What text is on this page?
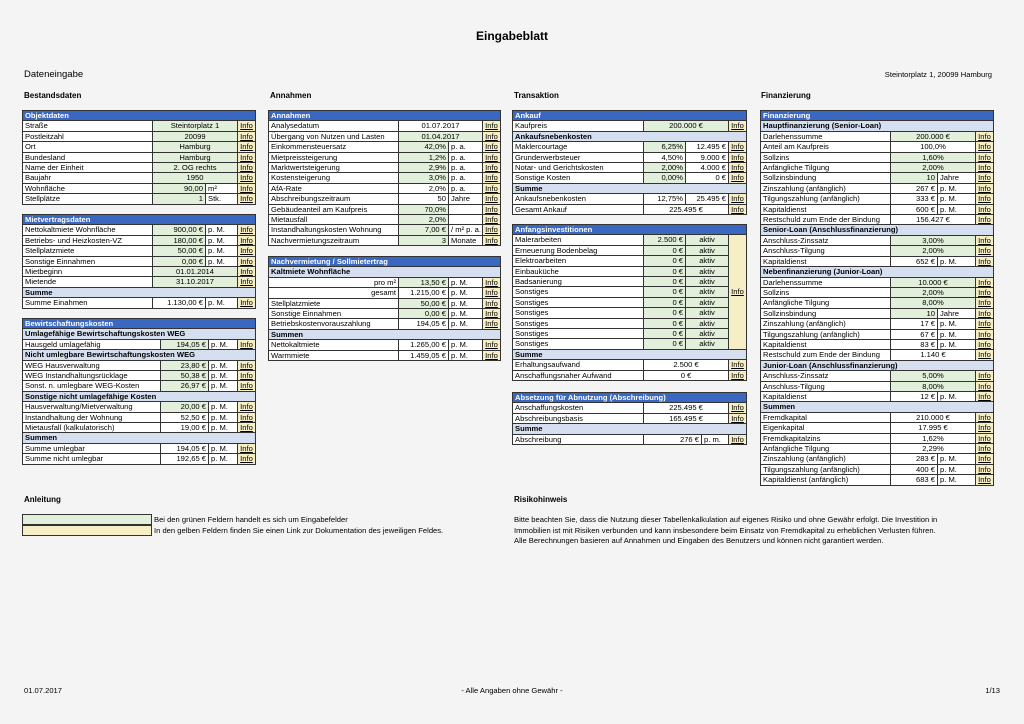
Eingabeblatt
Dateneingabe	Steintorplatz 1, 20099 Hamburg
Bestandsdaten	Annahmen	Transaktion	Finanzierung
Objektdaten			
Straße	Steintorplatz 1		Info
Postleitzahl	20099		Info
Ort	Hamburg		Info
Bundesland	Hamburg		Info
Name der Einheit	2. OG rechts		Info
Baujahr	1950		Info
Wohnfläche	90,00	m²	Info
Stellplätze	1	Stk.	Info
Mietvertragsdaten			
Nettokaltmiete Wohnfläche	900,00 €	p. M.	Info
Betriebs- und Heizkosten-VZ	180,00 €	p. M.	Info
Stellplatzmiete	50,00 €	p. M.	Info
Sonstige Einnahmen	0,00 €	p. M.	Info
Mietbeginn	01.01.2014		Info
Mietende	31.10.2017		Info
Summe			
Summe Einahmen	1.130,00 €	p. M.	Info
Bewirtschaftungskosten			
Umlagefähige Bewirtschaftungskosten WEG			
Hausgeld umlagefähig	194,05 €	p. M.	Info
Nicht umlegbare Bewirtschaftungskosten WEG			
WEG Hausverwaltung	23,80 €	p. M.	Info
WEG Instandhaltungsrücklage	50,38 €	p. M.	Info
Sonst. n. umlegbare WEG-Kosten	26,97 €	p. M.	Info
Sonstige nicht umlagefähige Kosten			
Hausverwaltung/Mietverwaltung	20,00 €	p. M.	Info
Instandhaltung der Wohnung	52,50 €	p. M.	Info
Mietausfall (kalkulatorisch)	19,00 €	p. M.	Info
Summen			
Summe umlegbar	194,05 €	p. M.	Info
Summe nicht umlegbar	192,65 €	p. M.	Info
Annahmen			
Analysedatum	01.07.2017		Info
Übergang von Nutzen und Lasten	01.04.2017		Info
Einkommensteuersatz	42,0%	p. a.	Info
Mietpreissteigerung	1,2%	p. a.	Info
Marktwertsteigerung	2,9%	p. a.	Info
Kostensteigerung	3,0%	p. a.	Info
AfA-Rate	2,0%	p. a.	Info
Abschreibungszeitraum	50	Jahre	Info
Gebäudeanteil am Kaufpreis	70,0%		Info
Mietausfall	2,0%		Info
Instandhaltungskosten Wohnung	7,00 €	/ m² p. a.	Info
Nachvermietungszeitraum	3	Monate	Info
Nachvermietung / Sollmietertrag			
Kaltmiete Wohnfläche			
pro m²	13,50 €	p. M.	Info
gesamt	1.215,00 €	p. M.	Info
Stellplatzmiete	50,00 €	p. M.	Info
Sonstige Einnahmen	0,00 €	p. M.	Info
Betriebskostenvorauszahlung	194,05 €	p. M.	Info
Summen			
Nettokaltmiete	1.265,00 €	p. M.	Info
Warmmiete	1.459,05 €	p. M.	Info
Ankauf			
Kaufpreis	200.000 €		Info
Ankaufsnebenkosten			
Maklercourtage	6,25%	12.495 €	Info
Grunderwerbsteuer	4,50%	9.000 €	Info
Notar- und Gerichtskosten	2,00%	4.000 €	Info
Sonstige Kosten	0,00%	0 €	Info
Summe			
Ankaufsnebenkosten	12,75%	25.495 €	Info
Gesamt Ankauf	225.495 €		Info
Anfangsinvestitionen			
Malerarbeiten	2.500 €	aktiv	Info
Erneuerung Bodenbelag	0 €	aktiv	
Elektroarbeiten	0 €	aktiv	
Einbauküche	0 €	aktiv	
Badsanierung	0 €	aktiv	
Sonstiges	0 €	aktiv	
Sonstiges	0 €	aktiv	
Sonstiges	0 €	aktiv	
Sonstiges	0 €	aktiv	
Sonstiges	0 €	aktiv	
Sonstiges	0 €	aktiv	
Summe			
Erhaltungsaufwand	2.500 €		Info
Anschaffungsnaher Aufwand	0 €		Info
Absetzung für Abnutzung (Abschreibung)			
Anschaffungskosten	225.495 €		Info
Abschreibungsbasis	165.495 €		Info
Summe			
Abschreibung	276 €	p. m.	Info
Finanzierung			
Hauptfinanzierung (Senior-Loan)			
Darlehenssumme	200.000 €		Info
Anteil am Kaufpreis	100,0%		Info
Sollzins	1,60%		Info
Anfängliche Tilgung	2,00%		Info
Sollzinsbindung	10	Jahre	Info
Zinszahlung (anfänglich)	267 €	p. M.	Info
Tilgungszahlung (anfänglich)	333 €	p. M.	Info
Kapitaldienst	600 €	p. M.	Info
Restschuld zum Ende der Bindung	156.427 €		Info
Senior-Loan (Anschlussfinanzierung)			
Anschluss-Zinssatz	3,00%		Info
Anschluss-Tilgung	2,00%		Info
Kapitaldienst	652 €	p. M.	Info
Nebenfinanzierung (Junior-Loan)			
Darlehenssumme	10.000 €		Info
Sollzins	2,00%		Info
Anfängliche Tilgung	8,00%		Info
Sollzinsbindung	10	Jahre	Info
Zinszahlung (anfänglich)	17 €	p. M.	Info
Tilgungszahlung (anfänglich)	67 €	p. M.	Info
Kapitaldienst	83 €	p. M.	Info
Restschuld zum Ende der Bindung	1.140 €		Info
Junior-Loan (Anschlussfinanzierung)			
Anschluss-Zinssatz	5,00%		Info
Anschluss-Tilgung	8,00%		Info
Kapitaldienst	12 €	p. M.	Info
Summen			
Fremdkapital	210.000 €		Info
Eigenkapital	17.995 €		Info
Fremdkapitalzins	1,62%		Info
Anfängliche Tilgung	2,29%		Info
Zinszahlung (anfänglich)	283 €	p. M.	Info
Tilgungszahlung (anfänglich)	400 €	p. M.	Info
Kapitaldienst (anfänglich)	683 €	p. M.	Info
Anleitung
Bei den grünen Feldern handelt es sich um Eingabefelder
In den gelben Feldern finden Sie einen Link zur Dokumentation des jeweiligen Feldes.
Risikohinweis
Bitte beachten Sie, dass die Nutzung dieser Tabellenkalkulation auf eigenes Risiko und ohne Gewähr erfolgt. Die Investition in
Immobilien ist mit Risiken verbunden und kann insbesondere beim Einsatz von Fremdkapital zu erheblichen Verlusten führen.
Alle Berechnungen basieren auf Annahmen und Eingaben des Benutzers und können nicht garantiert werden.
01.07.2017	- Alle Angaben ohne Gewähr -	1/13
